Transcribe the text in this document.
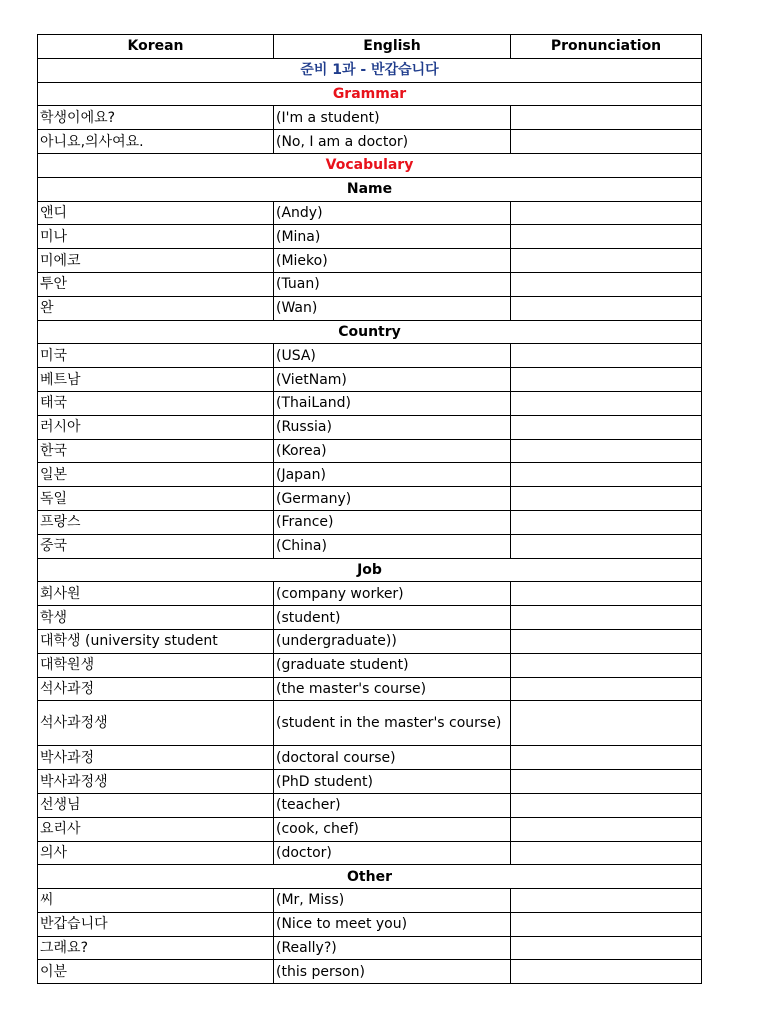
Korean	English	Pronunciation
준비 1과 - 반갑습니다		
Grammar		
학생이에요?	(I'm a student)	
아니요,의사여요.	(No, I am a doctor)	
Vocabulary		
Name		
앤디	(Andy)	
미나	(Mina)	
미에코	(Mieko)	
투안	(Tuan)	
완	(Wan)	
Country		
미국	(USA)	
베트남	(VietNam)	
태국	(ThaiLand)	
러시아	(Russia)	
한국	(Korea)	
일본	(Japan)	
독일	(Germany)	
프랑스	(France)	
중국	(China)	
Job		
회사원	(company worker)	
학생	(student)	
대학생 (university student	(undergraduate))	
대학원생	(graduate student)	
석사과정	(the master's course)	
석사과정생	(student in the master's course)	
박사과정	(doctoral course)	
박사과정생	(PhD student)	
선생님	(teacher)	
요리사	(cook, chef)	
의사	(doctor)	
Other		
씨	(Mr, Miss)	
반갑습니다	(Nice to meet you)	
그래요?	(Really?)	
이분	(this person)	
